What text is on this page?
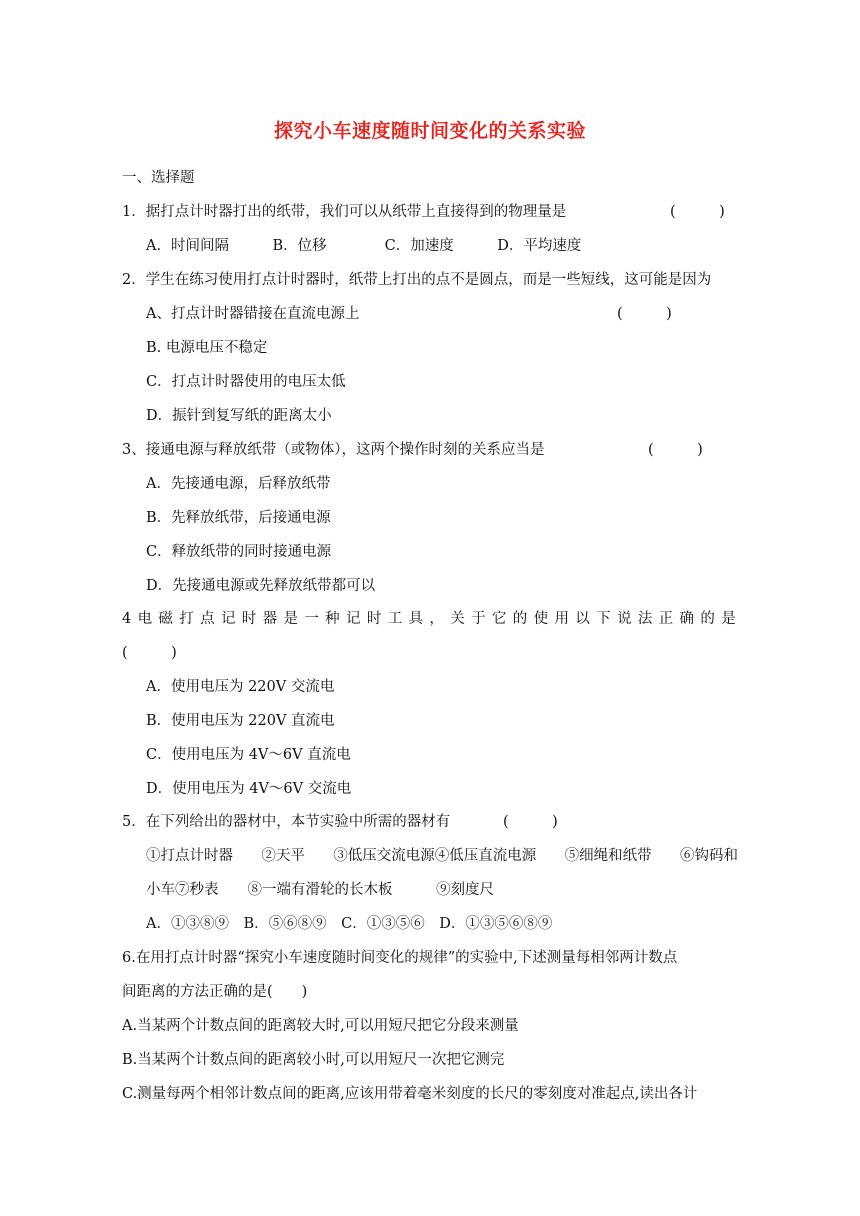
探究小车速度随时间变化的关系实验
一、选择题
1．据打点计时器打出的纸带，我们可以从纸带上直接得到的物理量是	(　　　)
A．时间间隔　　　B．位移　　　　C．加速度　　　D．平均速度
2．学生在练习使用打点计时器时，纸带上打出的点不是圆点，而是一些短线，这可能是因为
A、打点计时器错接在直流电源上	(　　　)
B. 电源电压不稳定
C．打点计时器使用的电压太低
D．振针到复写纸的距离太小
3、接通电源与释放纸带（或物体），这两个操作时刻的关系应当是	(　　　)
A．先接通电源，后释放纸带
B．先释放纸带，后接通电源
C．释放纸带的同时接通电源
D．先接通电源或先释放纸带都可以
4 电 磁 打 点 记 时 器 是 一 种 记 时 工 具 ， 关 于 它 的 使 用 以 下 说 法 正 确 的 是
(　　　)
A．使用电压为 220V 交流电
B．使用电压为 220V 直流电
C．使用电压为 4V～6V 直流电
D．使用电压为 4V～6V 交流电
5．在下列给出的器材中，本节实验中所需的器材有	(　　　)
①打点计时器 ②天平 ③低压交流电源④低压直流电源 ⑤细绳和纸带 ⑥钩码和
小车⑦秒表　　⑧一端有滑轮的长木板　　　⑨刻度尺
A．①③⑧⑨　B．⑤⑥⑧⑨　C．①③⑤⑥　D．①③⑤⑥⑧⑨
6.在用打点计时器“探究小车速度随时间变化的规律”的实验中,下述测量每相邻两计数点
间距离的方法正确的是(　　)
A.当某两个计数点间的距离较大时,可以用短尺把它分段来测量
B.当某两个计数点间的距离较小时,可以用短尺一次把它测完
C.测量每两个相邻计数点间的距离,应该用带着毫米刻度的长尺的零刻度对准起点,读出各计
